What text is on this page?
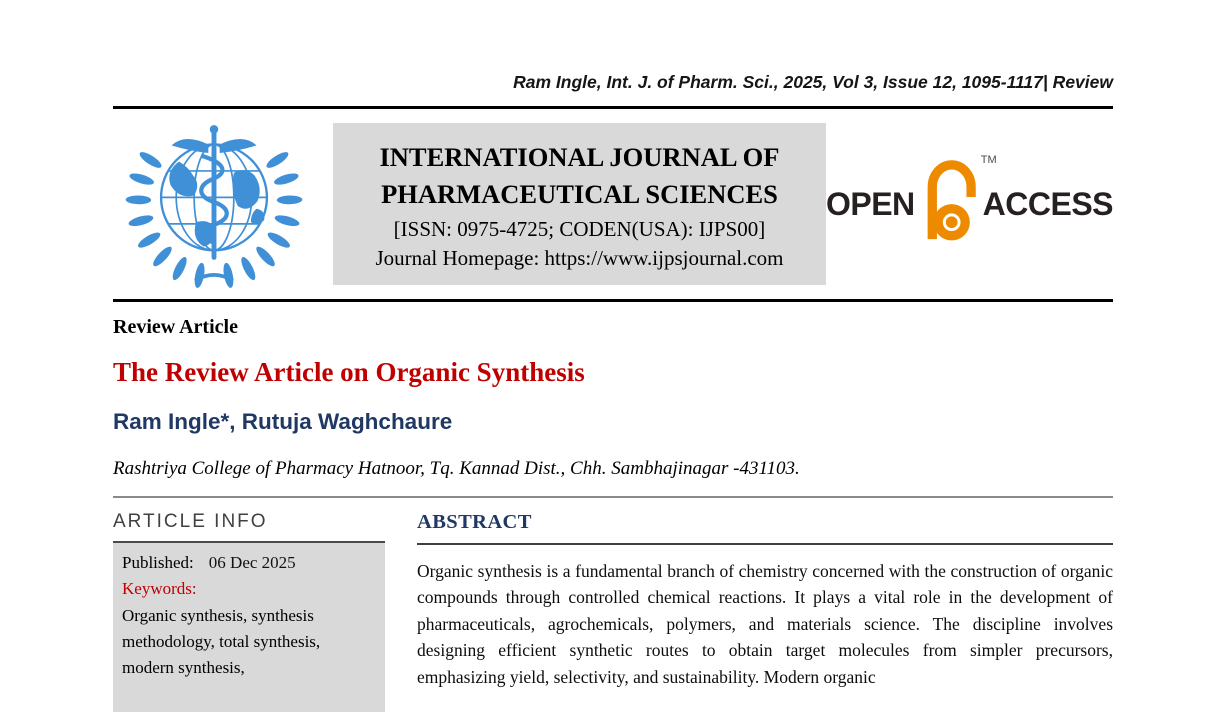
Ram Ingle, Int. J. of Pharm. Sci., 2025, Vol 3, Issue 12, 1095-1117| Review
INTERNATIONAL JOURNAL OF
PHARMACEUTICAL SCIENCES
[ISSN: 0975-4725; CODEN(USA): IJPS00]
Journal Homepage: https://www.ijpsjournal.com
OPEN
TM
ACCESS
Review Article
The Review Article on Organic Synthesis
Ram Ingle*, Rutuja Waghchaure
Rashtriya College of Pharmacy Hatnoor, Tq. Kannad Dist., Chh. Sambhajinagar -431103.
ARTICLE INFO
Published: 06 Dec 2025
Keywords:
Organic synthesis, synthesis methodology, total synthesis, modern synthesis,
ABSTRACT

Organic synthesis is a fundamental branch of chemistry concerned with the construction of organic compounds through controlled chemical reactions. It plays a vital role in the development of pharmaceuticals, agrochemicals, polymers, and materials science. The discipline involves designing efficient synthetic routes to obtain target molecules from simpler precursors, emphasizing yield, selectivity, and sustainability. Modern organic
